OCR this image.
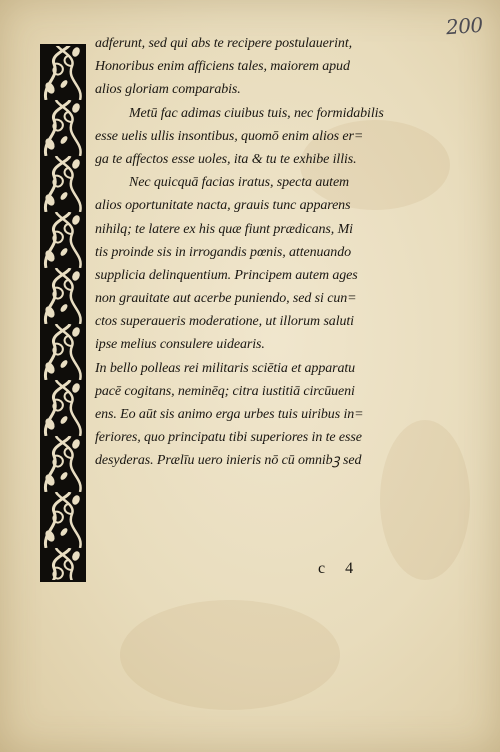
200
adferunt, sed qui abs te recipere postulauerint,
Honoribus enim afficiens tales, maiorem apud
alios gloriam comparabis.
Metū fac adimas ciuibus tuis, nec formidabilis
esse uelis ullis insontibus, quomō enim alios er=
ga te affectos esse uoles, ita & tu te exhibe illis.
Nec quicquā facias iratus, specta autem
alios oportunitate nacta, grauis tunc apparens
nihilq; te latere ex his quæ fiunt prædicans, Mi
tis proinde sis in irrogandis pœnis, attenuando
supplicia delinquentium. Principem autem ages
non grauitate aut acerbe puniendo, sed si cun=
ctos superaueris moderatione, ut illorum saluti
ipse melius consulere uidearis.
In bello polleas rei militaris sciētia et apparatu
pacē cogitans, neminēq; citra iustitiā circūueni
ens. Eo aūt sis animo erga urbes tuis uiribus in=
feriores, quo principatu tibi superiores in te esse
desyderas. Prælīu uero inieris nō cū omnibꝫ sed
c 4
